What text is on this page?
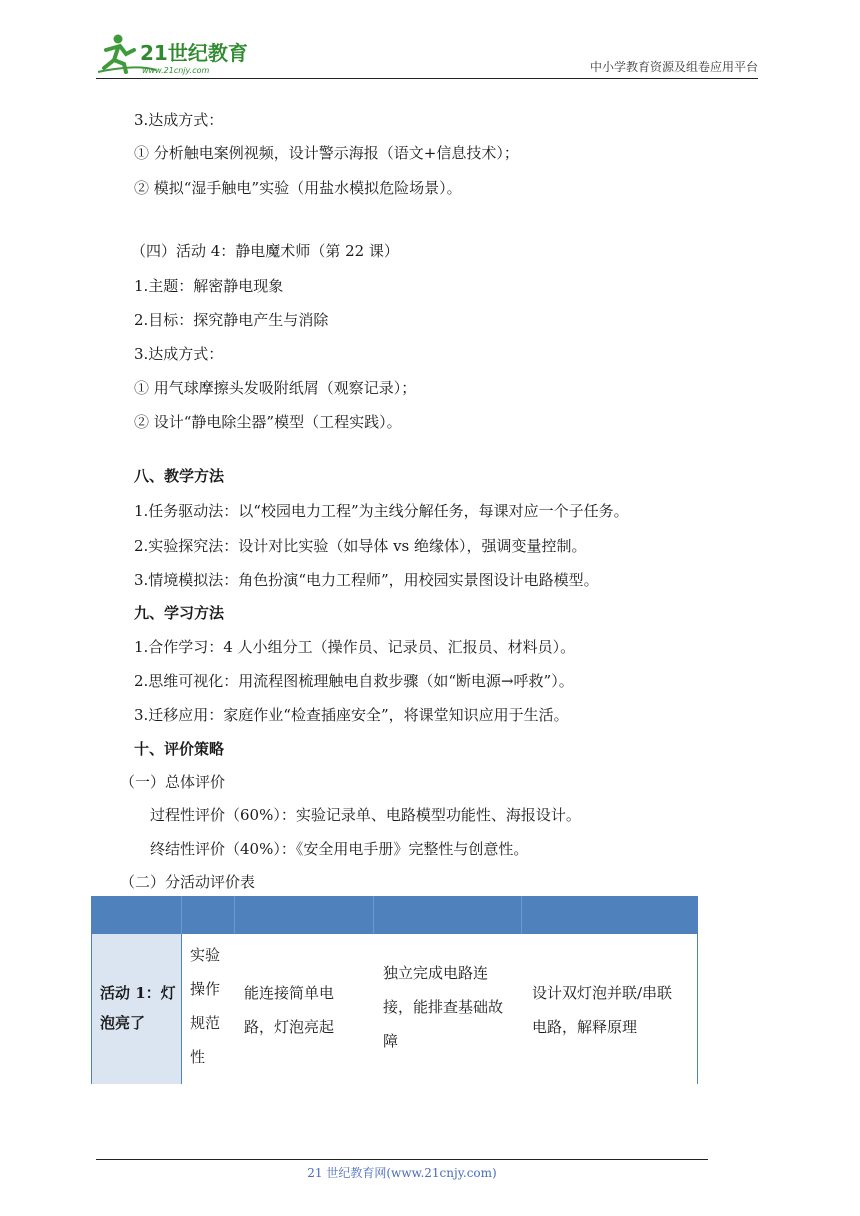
21世纪教育
www.21cnjy.com	中小学教育资源及组卷应用平台
3.达成方式：
① 分析触电案例视频，设计警示海报（语文+信息技术）；
② 模拟“湿手触电”实验（用盐水模拟危险场景）。
（四）活动 4：静电魔术师（第 22 课）
1.主题：解密静电现象
2.目标：探究静电产生与消除
3.达成方式：
① 用气球摩擦头发吸附纸屑（观察记录）；
② 设计“静电除尘器”模型（工程实践）。
八、教学方法
1.任务驱动法：以“校园电力工程”为主线分解任务，每课对应一个子任务。
2.实验探究法：设计对比实验（如导体 vs 绝缘体），强调变量控制。
3.情境模拟法：角色扮演“电力工程师”，用校园实景图设计电路模型。
九、学习方法
1.合作学习：4 人小组分工（操作员、记录员、汇报员、材料员）。
2.思维可视化：用流程图梳理触电自救步骤（如“断电源→呼救”）。
3.迁移应用：家庭作业“检查插座安全”，将课堂知识应用于生活。
十、评价策略
（一）总体评价
过程性评价（60%）：实验记录单、电路模型功能性、海报设计。
终结性评价（40%）：《安全用电手册》完整性与创意性。
（二）分活动评价表
活动 1：灯泡亮了
实验操作规范性
能连接简单电路，灯泡亮起
独立完成电路连接，能排查基础故障
设计双灯泡并联/串联电路，解释原理
21 世纪教育网(www.21cnjy.com)
